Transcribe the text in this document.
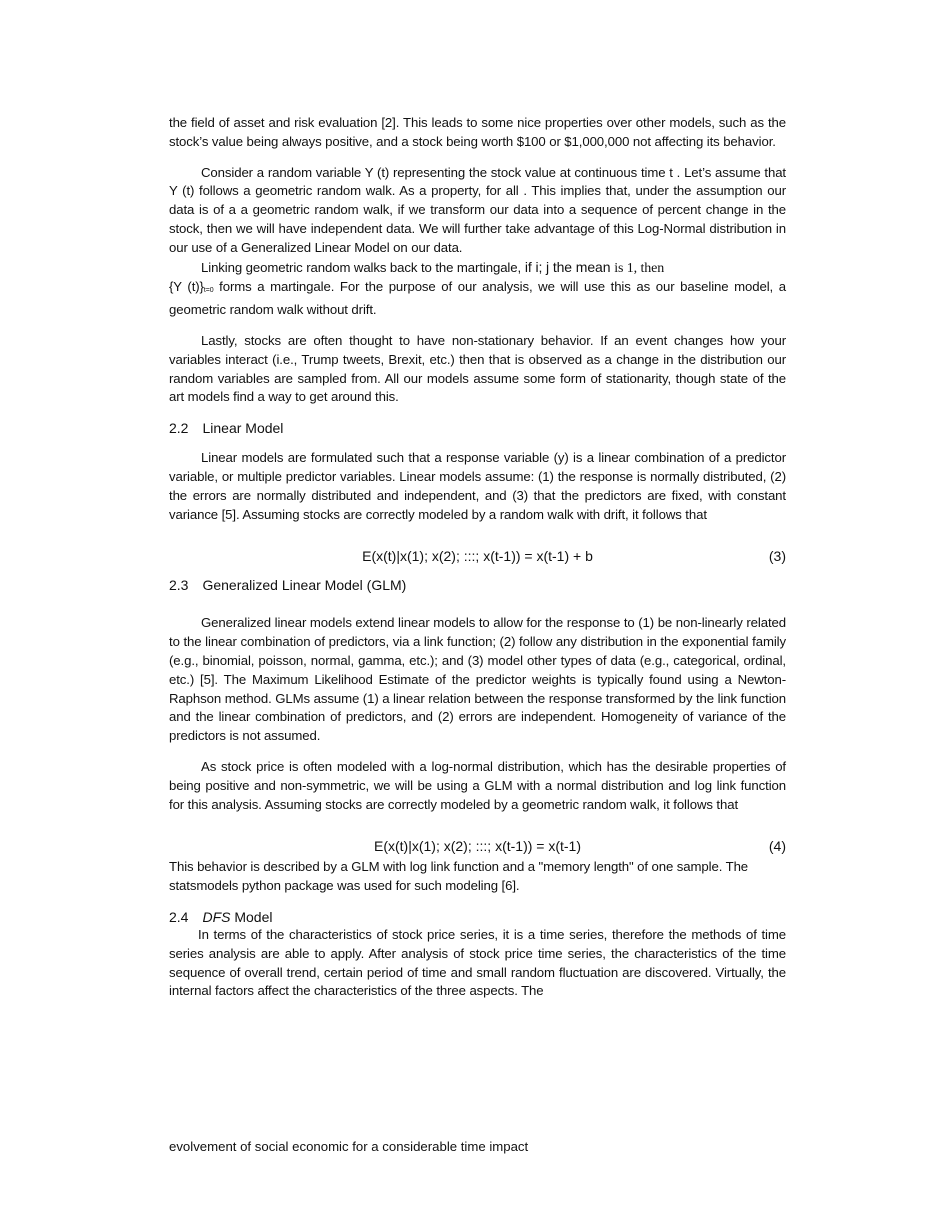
the field of asset and risk evaluation [2]. This leads to some nice properties over other models, such as the stock’s value being always positive, and a stock being worth $100 or $1,000,000 not affecting its behavior.

Consider a random variable Y (t) representing the stock value at continuous time t . Let’s assume that Y (t) follows a geometric random walk. As a property, for all . This implies that, under the assumption our data is of a a geometric random walk, if we transform our data into a sequence of percent change in the stock, then we will have independent data. We will further take advantage of this Log-Normal distribution in our use of a Generalized Linear Model on our data.

Linking geometric random walks back to the martingale, if i; j the mean is 1, then

{Y (t)}t=0 forms a martingale. For the purpose of our analysis, we will use this as our baseline model, a geometric random walk without drift.

Lastly, stocks are often thought to have non-stationary behavior. If an event changes how your variables interact (i.e., Trump tweets, Brexit, etc.) then that is observed as a change in the distribution our random variables are sampled from. All our models assume some form of stationarity, though state of the art models find a way to get around this.

2.2 Linear Model

Linear models are formulated such that a response variable (y) is a linear combination of a predictor variable, or multiple predictor variables. Linear models assume: (1) the response is normally distributed, (2) the errors are normally distributed and independent, and (3) that the predictors are fixed, with constant variance [5]. Assuming stocks are correctly modeled by a random walk with drift, it follows that

E(x(t)|x(1); x(2); :::; x(t-1)) = x(t-1) + b	(3)
2.3 Generalized Linear Model (GLM)

Generalized linear models extend linear models to allow for the response to (1) be non-linearly related to the linear combination of predictors, via a link function; (2) follow any distribution in the exponential family (e.g., binomial, poisson, normal, gamma, etc.); and (3) model other types of data (e.g., categorical, ordinal, etc.) [5]. The Maximum Likelihood Estimate of the predictor weights is typically found using a Newton-Raphson method. GLMs assume (1) a linear relation between the response transformed by the link function and the linear combination of predictors, and (2) errors are independent. Homogeneity of variance of the predictors is not assumed.

As stock price is often modeled with a log-normal distribution, which has the desirable properties of being positive and non-symmetric, we will be using a GLM with a normal distribution and log link function for this analysis. Assuming stocks are correctly modeled by a geometric random walk, it follows that

E(x(t)|x(1); x(2); :::; x(t-1)) = x(t-1)	(4)

This behavior is described by a GLM with log link function and a "memory length" of one sample. The statsmodels python package was used for such modeling [6].

2.4 DFS Model

In terms of the characteristics of stock price series, it is a time series, therefore the methods of time series analysis are able to apply. After analysis of stock price time series, the characteristics of the time sequence of overall trend, certain period of time and small random fluctuation are discovered. Virtually, the internal factors affect the characteristics of the three aspects. The

evolvement of social economic for a considerable time impact
